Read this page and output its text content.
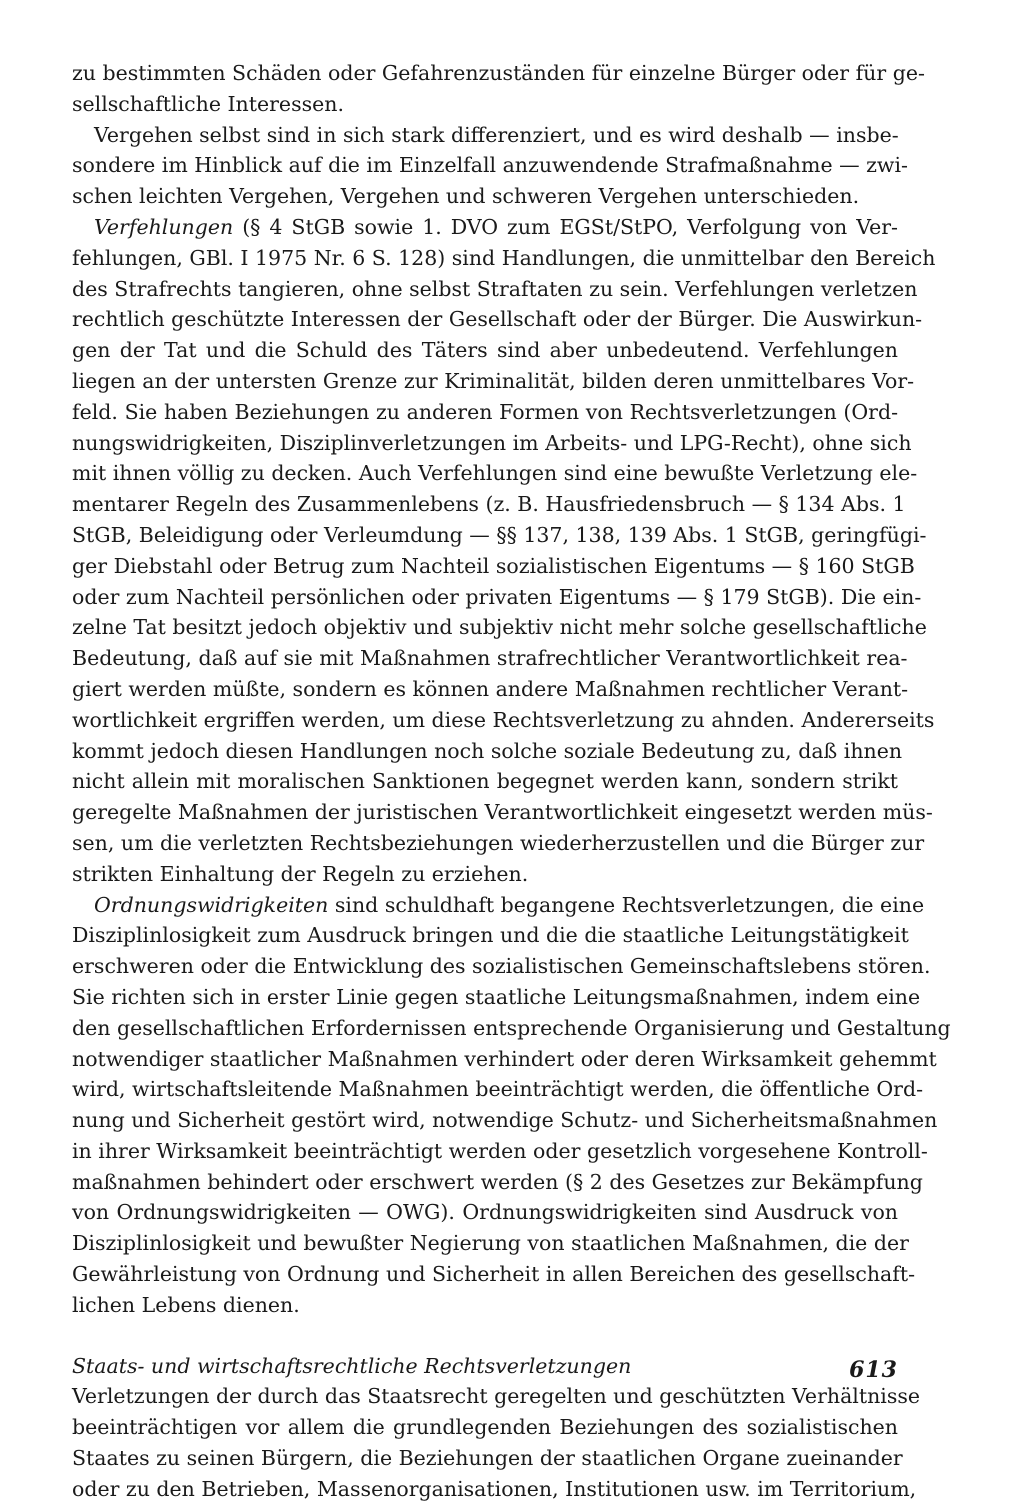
zu bestimmten Schäden oder Gefahrenzuständen für einzelne Bürger oder für ge-
sellschaftliche Interessen.
Vergehen selbst sind in sich stark differenziert, und es wird deshalb — insbe-
sondere im Hinblick auf die im Einzelfall anzuwendende Strafmaßnahme — zwi-
schen leichten Vergehen, Vergehen und schweren Vergehen unterschieden.
Verfehlungen (§ 4 StGB sowie 1. DVO zum EGSt/StPO, Verfolgung von Ver-
fehlungen, GBl. I 1975 Nr. 6 S. 128) sind Handlungen, die unmittelbar den Bereich
des Strafrechts tangieren, ohne selbst Straftaten zu sein. Verfehlungen verletzen
rechtlich geschützte Interessen der Gesellschaft oder der Bürger. Die Auswirkun-
gen der Tat und die Schuld des Täters sind aber unbedeutend. Verfehlungen
liegen an der untersten Grenze zur Kriminalität, bilden deren unmittelbares Vor-
feld. Sie haben Beziehungen zu anderen Formen von Rechtsverletzungen (Ord-
nungswidrigkeiten, Disziplinverletzungen im Arbeits- und LPG-Recht), ohne sich
mit ihnen völlig zu decken. Auch Verfehlungen sind eine bewußte Verletzung ele-
mentarer Regeln des Zusammenlebens (z. B. Hausfriedensbruch — § 134 Abs. 1
StGB, Beleidigung oder Verleumdung — §§ 137, 138, 139 Abs. 1 StGB, geringfügi-
ger Diebstahl oder Betrug zum Nachteil sozialistischen Eigentums — § 160 StGB
oder zum Nachteil persönlichen oder privaten Eigentums — § 179 StGB). Die ein-
zelne Tat besitzt jedoch objektiv und subjektiv nicht mehr solche gesellschaftliche
Bedeutung, daß auf sie mit Maßnahmen strafrechtlicher Verantwortlichkeit rea-
giert werden müßte, sondern es können andere Maßnahmen rechtlicher Verant-
wortlichkeit ergriffen werden, um diese Rechtsverletzung zu ahnden. Andererseits
kommt jedoch diesen Handlungen noch solche soziale Bedeutung zu, daß ihnen
nicht allein mit moralischen Sanktionen begegnet werden kann, sondern strikt
geregelte Maßnahmen der juristischen Verantwortlichkeit eingesetzt werden müs-
sen, um die verletzten Rechtsbeziehungen wiederherzustellen und die Bürger zur
strikten Einhaltung der Regeln zu erziehen.
Ordnungswidrigkeiten sind schuldhaft begangene Rechtsverletzungen, die eine
Disziplinlosigkeit zum Ausdruck bringen und die die staatliche Leitungstätigkeit
erschweren oder die Entwicklung des sozialistischen Gemeinschaftslebens stören.
Sie richten sich in erster Linie gegen staatliche Leitungsmaßnahmen, indem eine
den gesellschaftlichen Erfordernissen entsprechende Organisierung und Gestaltung
notwendiger staatlicher Maßnahmen verhindert oder deren Wirksamkeit gehemmt
wird, wirtschaftsleitende Maßnahmen beeinträchtigt werden, die öffentliche Ord-
nung und Sicherheit gestört wird, notwendige Schutz- und Sicherheitsmaßnahmen
in ihrer Wirksamkeit beeinträchtigt werden oder gesetzlich vorgesehene Kontroll-
maßnahmen behindert oder erschwert werden (§ 2 des Gesetzes zur Bekämpfung
von Ordnungswidrigkeiten — OWG). Ordnungswidrigkeiten sind Ausdruck von
Disziplinlosigkeit und bewußter Negierung von staatlichen Maßnahmen, die der
Gewährleistung von Ordnung und Sicherheit in allen Bereichen des gesellschaft-
lichen Lebens dienen.
Staats- und wirtschaftsrechtliche Rechtsverletzungen
Verletzungen der durch das Staatsrecht geregelten und geschützten Verhältnisse
beeinträchtigen vor allem die grundlegenden Beziehungen des sozialistischen
Staates zu seinen Bürgern, die Beziehungen der staatlichen Organe zueinander
oder zu den Betrieben, Massenorganisationen, Institutionen usw. im Territorium,
613
